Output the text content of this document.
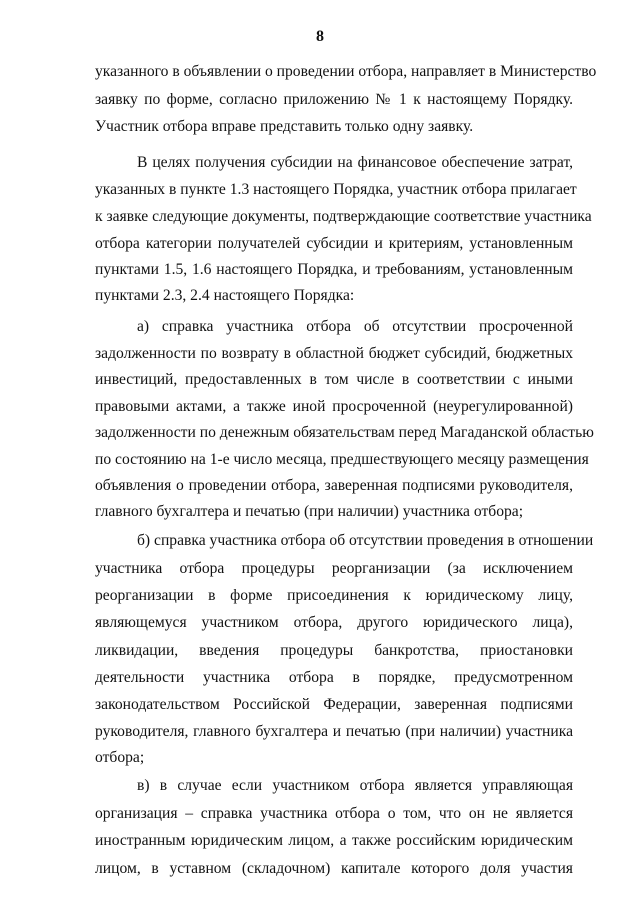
8
указанного в объявлении о проведении отбора, направляет в Министерство
заявку по форме, согласно приложению № 1 к настоящему Порядку.
Участник отбора вправе представить только одну заявку.
В целях получения субсидии на финансовое обеспечение затрат,
указанных в пункте 1.3 настоящего Порядка, участник отбора прилагает
к заявке следующие документы, подтверждающие соответствие участника
отбора категории получателей субсидии и критериям, установленным
пунктами 1.5, 1.6 настоящего Порядка, и требованиям, установленным
пунктами 2.3, 2.4 настоящего Порядка:
а) справка участника отбора об отсутствии просроченной
задолженности по возврату в областной бюджет субсидий, бюджетных
инвестиций, предоставленных в том числе в соответствии с иными
правовыми актами, а также иной просроченной (неурегулированной)
задолженности по денежным обязательствам перед Магаданской областью
по состоянию на 1-е число месяца, предшествующего месяцу размещения
объявления о проведении отбора, заверенная подписями руководителя,
главного бухгалтера и печатью (при наличии) участника отбора;
б) справка участника отбора об отсутствии проведения в отношении
участника отбора процедуры реорганизации (за исключением
реорганизации в форме присоединения к юридическому лицу,
являющемуся участником отбора, другого юридического лица),
ликвидации, введения процедуры банкротства, приостановки
деятельности участника отбора в порядке, предусмотренном
законодательством Российской Федерации, заверенная подписями
руководителя, главного бухгалтера и печатью (при наличии) участника
отбора;
в) в случае если участником отбора является управляющая
организация – справка участника отбора о том, что он не является
иностранным юридическим лицом, а также российским юридическим
лицом, в уставном (складочном) капитале которого доля участия
